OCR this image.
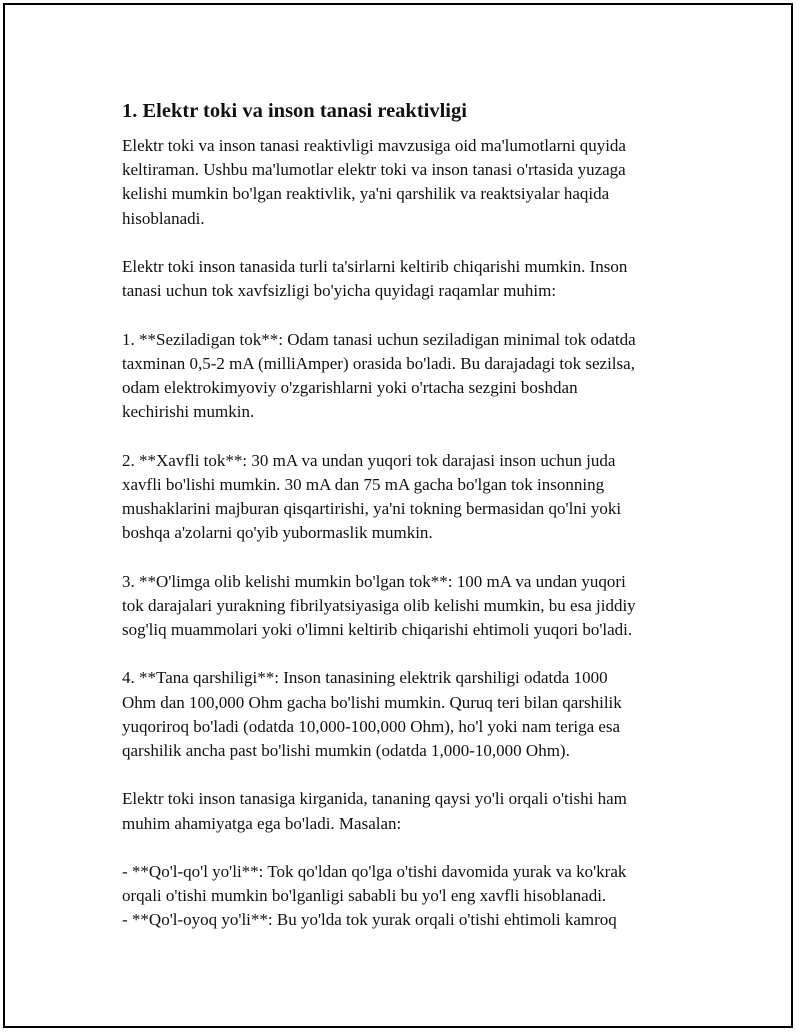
1. Elektr toki va inson tanasi reaktivligi

Elektr toki va inson tanasi reaktivligi mavzusiga oid ma'lumotlarni quyida
keltiraman. Ushbu ma'lumotlar elektr toki va inson tanasi o'rtasida yuzaga
kelishi mumkin bo'lgan reaktivlik, ya'ni qarshilik va reaktsiyalar haqida
hisoblanadi.

Elektr toki inson tanasida turli ta'sirlarni keltirib chiqarishi mumkin. Inson
tanasi uchun tok xavfsizligi bo'yicha quyidagi raqamlar muhim:

1. **Seziladigan tok**: Odam tanasi uchun seziladigan minimal tok odatda
taxminan 0,5-2 mA (milliAmper) orasida bo'ladi. Bu darajadagi tok sezilsa,
odam elektrokimyoviy o'zgarishlarni yoki o'rtacha sezgini boshdan
kechirishi mumkin.

2. **Xavfli tok**: 30 mA va undan yuqori tok darajasi inson uchun juda
xavfli bo'lishi mumkin. 30 mA dan 75 mA gacha bo'lgan tok insonning
mushaklarini majburan qisqartirishi, ya'ni tokning bermasidan qo'lni yoki
boshqa a'zolarni qo'yib yubormaslik mumkin.

3. **O'limga olib kelishi mumkin bo'lgan tok**: 100 mA va undan yuqori
tok darajalari yurakning fibrilyatsiyasiga olib kelishi mumkin, bu esa jiddiy
sog'liq muammolari yoki o'limni keltirib chiqarishi ehtimoli yuqori bo'ladi.

4. **Tana qarshiligi**: Inson tanasining elektrik qarshiligi odatda 1000
Ohm dan 100,000 Ohm gacha bo'lishi mumkin. Quruq teri bilan qarshilik
yuqoriroq bo'ladi (odatda 10,000-100,000 Ohm), ho'l yoki nam teriga esa
qarshilik ancha past bo'lishi mumkin (odatda 1,000-10,000 Ohm).

Elektr toki inson tanasiga kirganida, tananing qaysi yo'li orqali o'tishi ham
muhim ahamiyatga ega bo'ladi. Masalan:

- **Qo'l-qo'l yo'li**: Tok qo'ldan qo'lga o'tishi davomida yurak va ko'krak
orqali o'tishi mumkin bo'lganligi sababli bu yo'l eng xavfli hisoblanadi.
- **Qo'l-oyoq yo'li**: Bu yo'lda tok yurak orqali o'tishi ehtimoli kamroq
